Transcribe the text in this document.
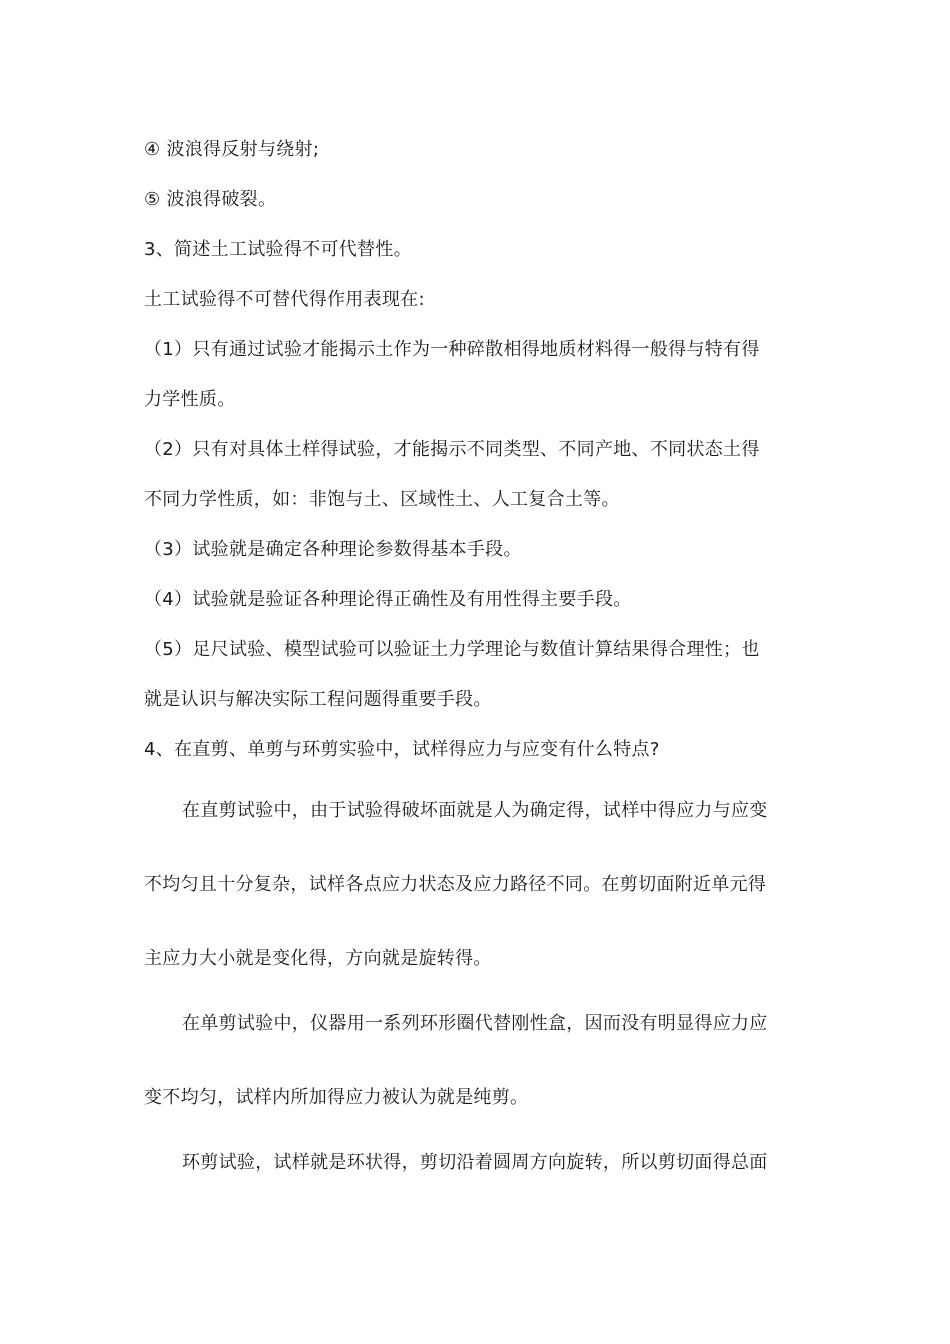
④ 波浪得反射与绕射;
⑤ 波浪得破裂。
3、简述土工试验得不可代替性。
土工试验得不可替代得作用表现在:
（1）只有通过试验才能揭示土作为一种碎散相得地质材料得一般得与特有得
力学性质。
（2）只有对具体土样得试验，才能揭示不同类型、不同产地、不同状态土得
不同力学性质，如：非饱与土、区域性土、人工复合土等。
（3）试验就是确定各种理论参数得基本手段。
（4）试验就是验证各种理论得正确性及有用性得主要手段。
（5）足尺试验、模型试验可以验证土力学理论与数值计算结果得合理性；也
就是认识与解决实际工程问题得重要手段。
4、在直剪、单剪与环剪实验中，试样得应力与应变有什么特点?
在直剪试验中，由于试验得破坏面就是人为确定得，试样中得应力与应变
不均匀且十分复杂，试样各点应力状态及应力路径不同。在剪切面附近单元得
主应力大小就是变化得，方向就是旋转得。
在单剪试验中，仪器用一系列环形圈代替刚性盒，因而没有明显得应力应
变不均匀，试样内所加得应力被认为就是纯剪。
环剪试验，试样就是环状得，剪切沿着圆周方向旋转，所以剪切面得总面
